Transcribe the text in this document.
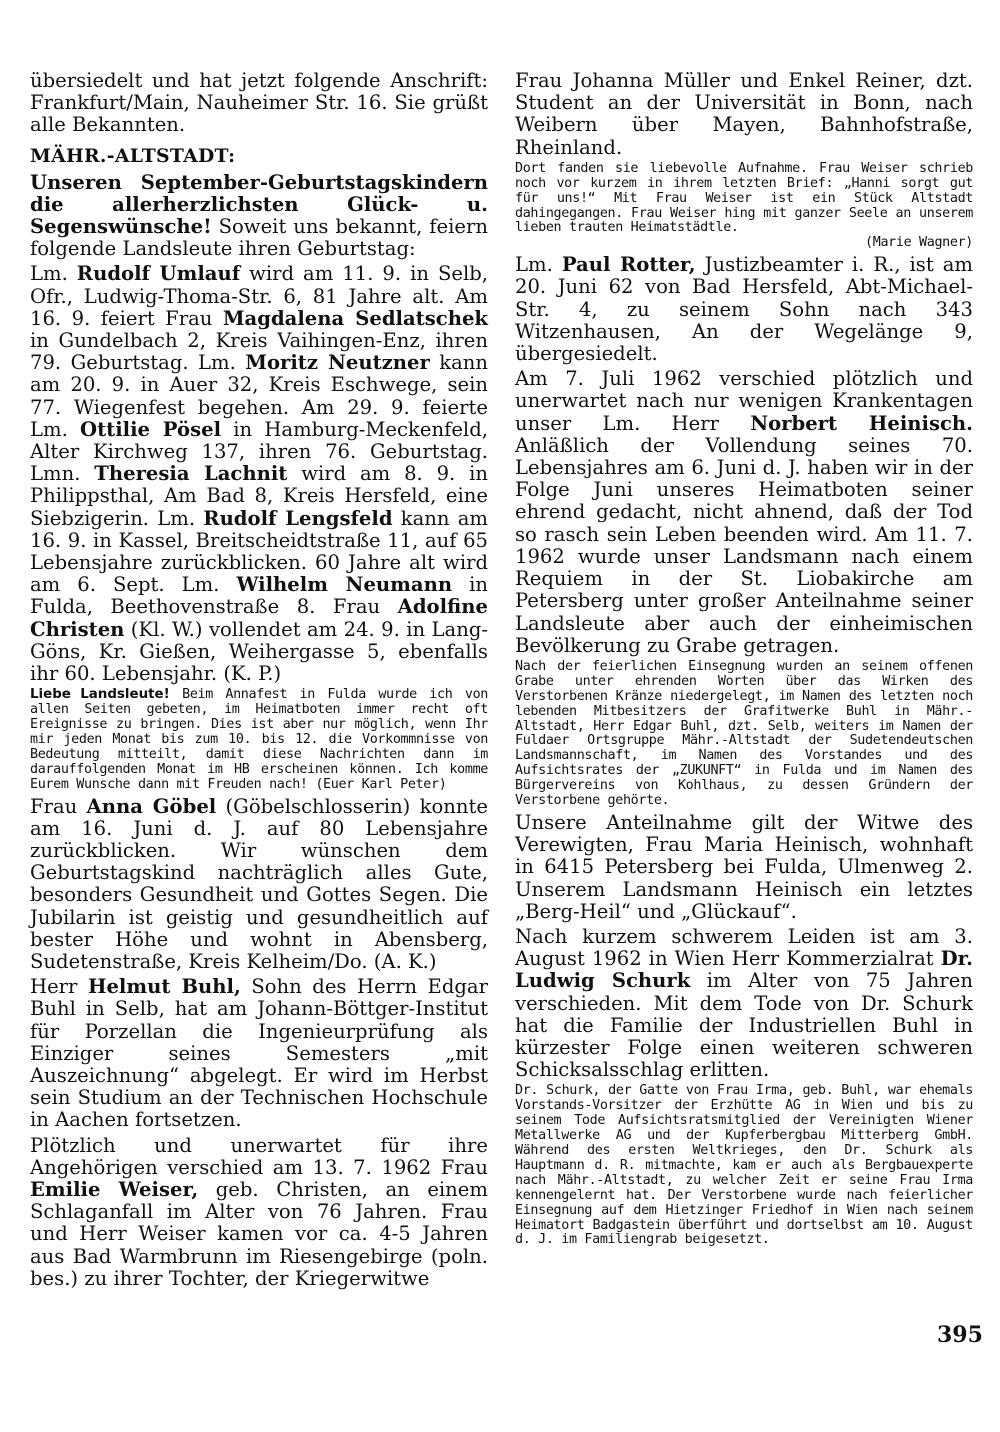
übersiedelt und hat jetzt folgende Anschrift: Frankfurt/Main, Nauheimer Str. 16. Sie grüßt alle Bekannten.

MÄHR.-ALTSTADT:

Unseren September-Geburtstagskindern die allerherzlichsten Glück- u. Segenswünsche! Soweit uns bekannt, feiern folgende Landsleute ihren Geburtstag:

Lm. Rudolf Umlauf wird am 11. 9. in Selb, Ofr., Ludwig-Thoma-Str. 6, 81 Jahre alt. Am 16. 9. feiert Frau Magdalena Sedlatschek in Gundelbach 2, Kreis Vaihingen-Enz, ihren 79. Geburtstag. Lm. Moritz Neutzner kann am 20. 9. in Auer 32, Kreis Eschwege, sein 77. Wiegenfest begehen. Am 29. 9. feierte Lm. Ottilie Pösel in Hamburg-Meckenfeld, Alter Kirchweg 137, ihren 76. Geburtstag. Lmn. Theresia Lachnit wird am 8. 9. in Philippsthal, Am Bad 8, Kreis Hersfeld, eine Siebzigerin. Lm. Rudolf Lengsfeld kann am 16. 9. in Kassel, Breitscheidtstraße 11, auf 65 Lebensjahre zurückblicken. 60 Jahre alt wird am 6. Sept. Lm. Wilhelm Neumann in Fulda, Beethovenstraße 8. Frau Adolfine Christen (Kl. W.) vollendet am 24. 9. in Lang-Göns, Kr. Gießen, Weihergasse 5, ebenfalls ihr 60. Lebensjahr. (K. P.)

Liebe Landsleute! Beim Annafest in Fulda wurde ich von allen Seiten gebeten, im Heimatboten immer recht oft Ereignisse zu bringen. Dies ist aber nur möglich, wenn Ihr mir jeden Monat bis zum 10. bis 12. die Vorkommnisse von Bedeutung mitteilt, damit diese Nachrichten dann im darauffolgenden Monat im HB erscheinen können. Ich komme Eurem Wunsche dann mit Freuden nach! (Euer Karl Peter)

Frau Anna Göbel (Göbelschlosserin) konnte am 16. Juni d. J. auf 80 Lebensjahre zurückblicken. Wir wünschen dem Geburtstagskind nachträglich alles Gute, besonders Gesundheit und Gottes Segen. Die Jubilarin ist geistig und gesundheitlich auf bester Höhe und wohnt in Abensberg, Sudetenstraße, Kreis Kelheim/Do. (A. K.)

Herr Helmut Buhl, Sohn des Herrn Edgar Buhl in Selb, hat am Johann-Böttger-Institut für Porzellan die Ingenieurprüfung als Einziger seines Semesters „mit Auszeichnung“ abgelegt. Er wird im Herbst sein Studium an der Technischen Hochschule in Aachen fortsetzen.

Plötzlich und unerwartet für ihre Angehörigen verschied am 13. 7. 1962 Frau Emilie Weiser, geb. Christen, an einem Schlaganfall im Alter von 76 Jahren. Frau und Herr Weiser kamen vor ca. 4-5 Jahren aus Bad Warmbrunn im Riesengebirge (poln. bes.) zu ihrer Tochter, der Kriegerwitwe

Frau Johanna Müller und Enkel Reiner, dzt. Student an der Universität in Bonn, nach Weibern über Mayen, Bahnhofstraße, Rheinland.

Dort fanden sie liebevolle Aufnahme. Frau Weiser schrieb noch vor kurzem in ihrem letzten Brief: „Hanni sorgt gut für uns!“ Mit Frau Weiser ist ein Stück Altstadt dahingegangen. Frau Weiser hing mit ganzer Seele an unserem lieben trauten Heimatstädtle.

(Marie Wagner)

Lm. Paul Rotter, Justizbeamter i. R., ist am 20. Juni 62 von Bad Hersfeld, Abt-Michael-Str. 4, zu seinem Sohn nach 343 Witzenhausen, An der Wegelänge 9, übergesiedelt.

Am 7. Juli 1962 verschied plötzlich und unerwartet nach nur wenigen Krankentagen unser Lm. Herr Norbert Heinisch. Anläßlich der Vollendung seines 70. Lebensjahres am 6. Juni d. J. haben wir in der Folge Juni unseres Heimatboten seiner ehrend gedacht, nicht ahnend, daß der Tod so rasch sein Leben beenden wird. Am 11. 7. 1962 wurde unser Landsmann nach einem Requiem in der St. Liobakirche am Petersberg unter großer Anteilnahme seiner Landsleute aber auch der einheimischen Bevölkerung zu Grabe getragen.

Nach der feierlichen Einsegnung wurden an seinem offenen Grabe unter ehrenden Worten über das Wirken des Verstorbenen Kränze niedergelegt, im Namen des letzten noch lebenden Mitbesitzers der Grafitwerke Buhl in Mähr.-Altstadt, Herr Edgar Buhl, dzt. Selb, weiters im Namen der Fuldaer Ortsgruppe Mähr.-Altstadt der Sudetendeutschen Landsmannschaft, im Namen des Vorstandes und des Aufsichtsrates der „ZUKUNFT“ in Fulda und im Namen des Bürgervereins von Kohlhaus, zu dessen Gründern der Verstorbene gehörte.

Unsere Anteilnahme gilt der Witwe des Verewigten, Frau Maria Heinisch, wohnhaft in 6415 Petersberg bei Fulda, Ulmenweg 2. Unserem Landsmann Heinisch ein letztes „Berg-Heil“ und „Glückauf“.

Nach kurzem schwerem Leiden ist am 3. August 1962 in Wien Herr Kommerzialrat Dr. Ludwig Schurk im Alter von 75 Jahren verschieden. Mit dem Tode von Dr. Schurk hat die Familie der Industriellen Buhl in kürzester Folge einen weiteren schweren Schicksalsschlag erlitten.

Dr. Schurk, der Gatte von Frau Irma, geb. Buhl, war ehemals Vorstands-Vorsitzer der Erzhütte AG in Wien und bis zu seinem Tode Aufsichtsratsmitglied der Vereinigten Wiener Metallwerke AG und der Kupferbergbau Mitterberg GmbH. Während des ersten Weltkrieges, den Dr. Schurk als Hauptmann d. R. mitmachte, kam er auch als Bergbauexperte nach Mähr.-Altstadt, zu welcher Zeit er seine Frau Irma kennengelernt hat. Der Verstorbene wurde nach feierlicher Einsegnung auf dem Hietzinger Friedhof in Wien nach seinem Heimatort Badgastein überführt und dortselbst am 10. August d. J. im Familiengrab beigesetzt.

395
